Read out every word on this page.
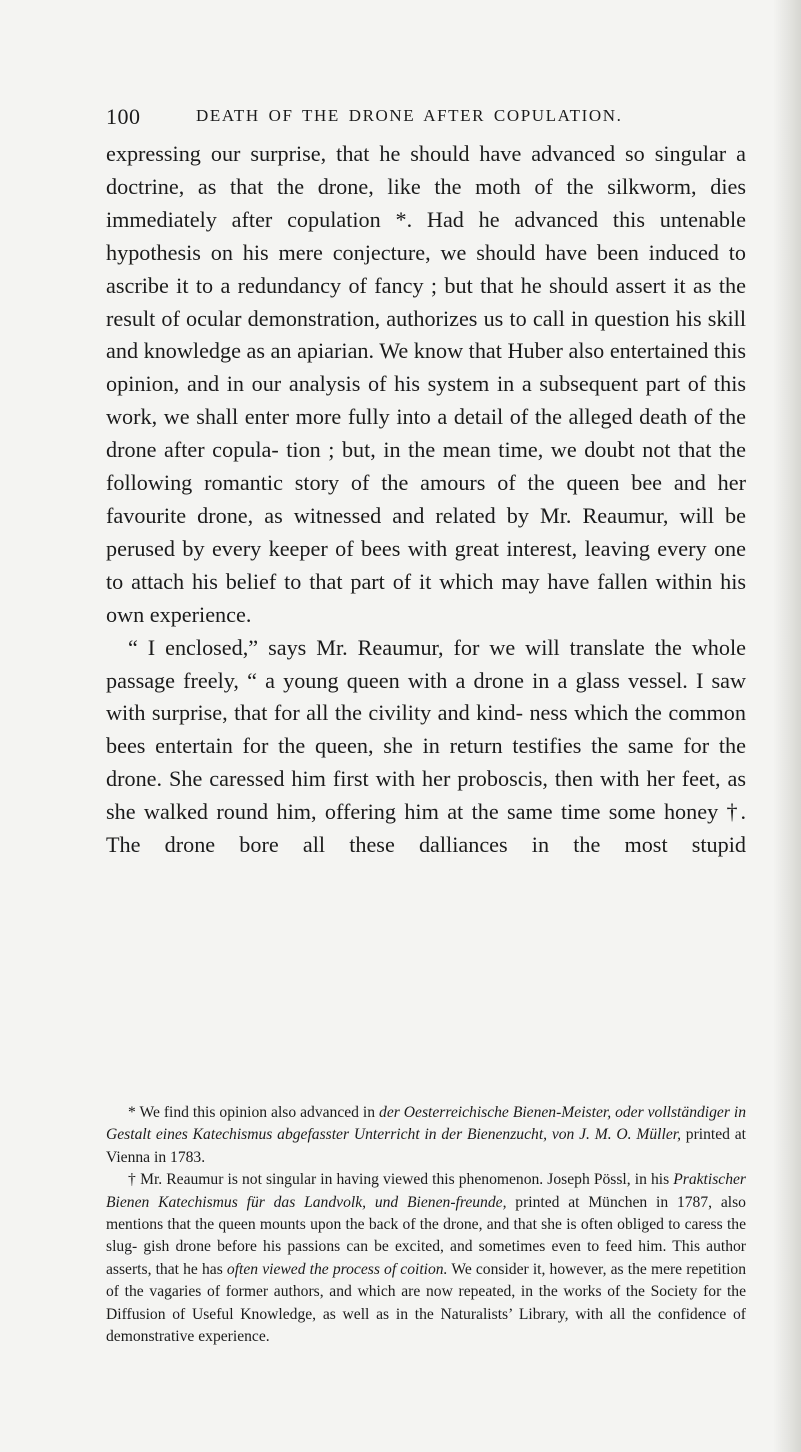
100	DEATH OF THE DRONE AFTER COPULATION.

expressing our surprise, that he should have advanced so singular a doctrine, as that the drone, like the moth of the silkworm, dies immediately after copulation *. Had he advanced this untenable hypothesis on his mere conjecture, we should have been induced to ascribe it to a redundancy of fancy ; but that he should assert it as the result of ocular demonstration, authorizes us to call in question his skill and knowledge as an apiarian. We know that Huber also entertained this opinion, and in our analysis of his system in a subsequent part of this work, we shall enter more fully into a detail of the alleged death of the drone after copula- tion ; but, in the mean time, we doubt not that the following romantic story of the amours of the queen bee and her favourite drone, as witnessed and related by Mr. Reaumur, will be perused by every keeper of bees with great interest, leaving every one to attach his belief to that part of it which may have fallen within his own experience.

“ I enclosed,” says Mr. Reaumur, for we will translate the whole passage freely, “ a young queen with a drone in a glass vessel. I saw with surprise, that for all the civility and kind- ness which the common bees entertain for the queen, she in return testifies the same for the drone. She caressed him first with her proboscis, then with her feet, as she walked round him, offering him at the same time some honey †. The drone bore all these dalliances in the most stupid

* We find this opinion also advanced in der Oesterreichische Bienen-Meister, oder vollständiger in Gestalt eines Katechismus abgefasster Unterricht in der Bienenzucht, von J. M. O. Müller, printed at Vienna in 1783.

† Mr. Reaumur is not singular in having viewed this phenomenon. Joseph Pössl, in his Praktischer Bienen Katechismus für das Landvolk, und Bienen-freunde, printed at München in 1787, also mentions that the queen mounts upon the back of the drone, and that she is often obliged to caress the slug- gish drone before his passions can be excited, and sometimes even to feed him. This author asserts, that he has often viewed the process of coition. We consider it, however, as the mere repetition of the vagaries of former authors, and which are now repeated, in the works of the Society for the Diffusion of Useful Knowledge, as well as in the Naturalists’ Library, with all the confidence of demonstrative experience.
